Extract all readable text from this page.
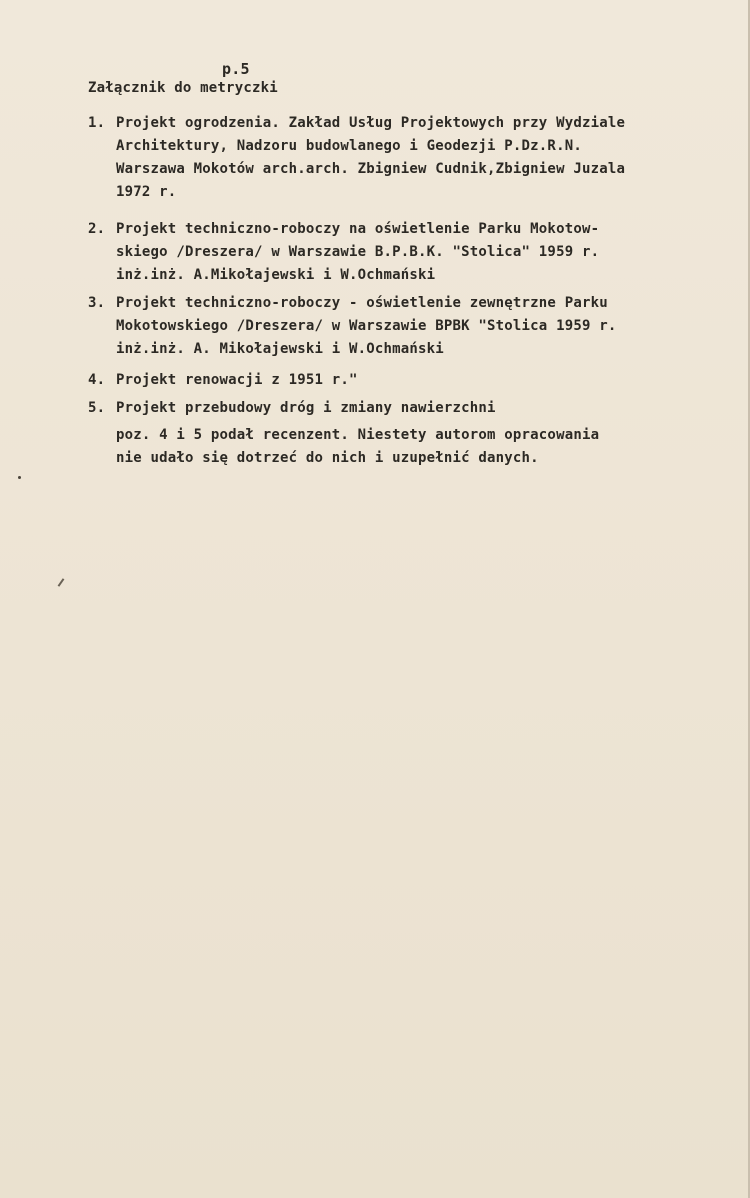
p.5
Załącznik do metryczki
1. Projekt ogrodzenia. Zakład Usług Projektowych przy Wydziale
Architektury, Nadzoru budowlanego i Geodezji P.Dz.R.N.
Warszawa Mokotów arch.arch. Zbigniew Cudnik,Zbigniew Juzala
1972 r.
2. Projekt techniczno-roboczy na oświetlenie Parku Mokotow-
skiego /Dreszera/ w Warszawie B.P.B.K. "Stolica" 1959 r.
inż.inż. A.Mikołajewski i W.Ochmański
3. Projekt techniczno-roboczy - oświetlenie zewnętrzne Parku
Mokotowskiego /Dreszera/ w Warszawie BPBK "Stolica 1959 r.
inż.inż. A. Mikołajewski i W.Ochmański
4. Projekt renowacji z 1951 r."
5. Projekt przebudowy dróg i zmiany nawierzchni
poz. 4 i 5 podał recenzent. Niestety autorom opracowania
nie udało się dotrzeć do nich i uzupełnić danych.
